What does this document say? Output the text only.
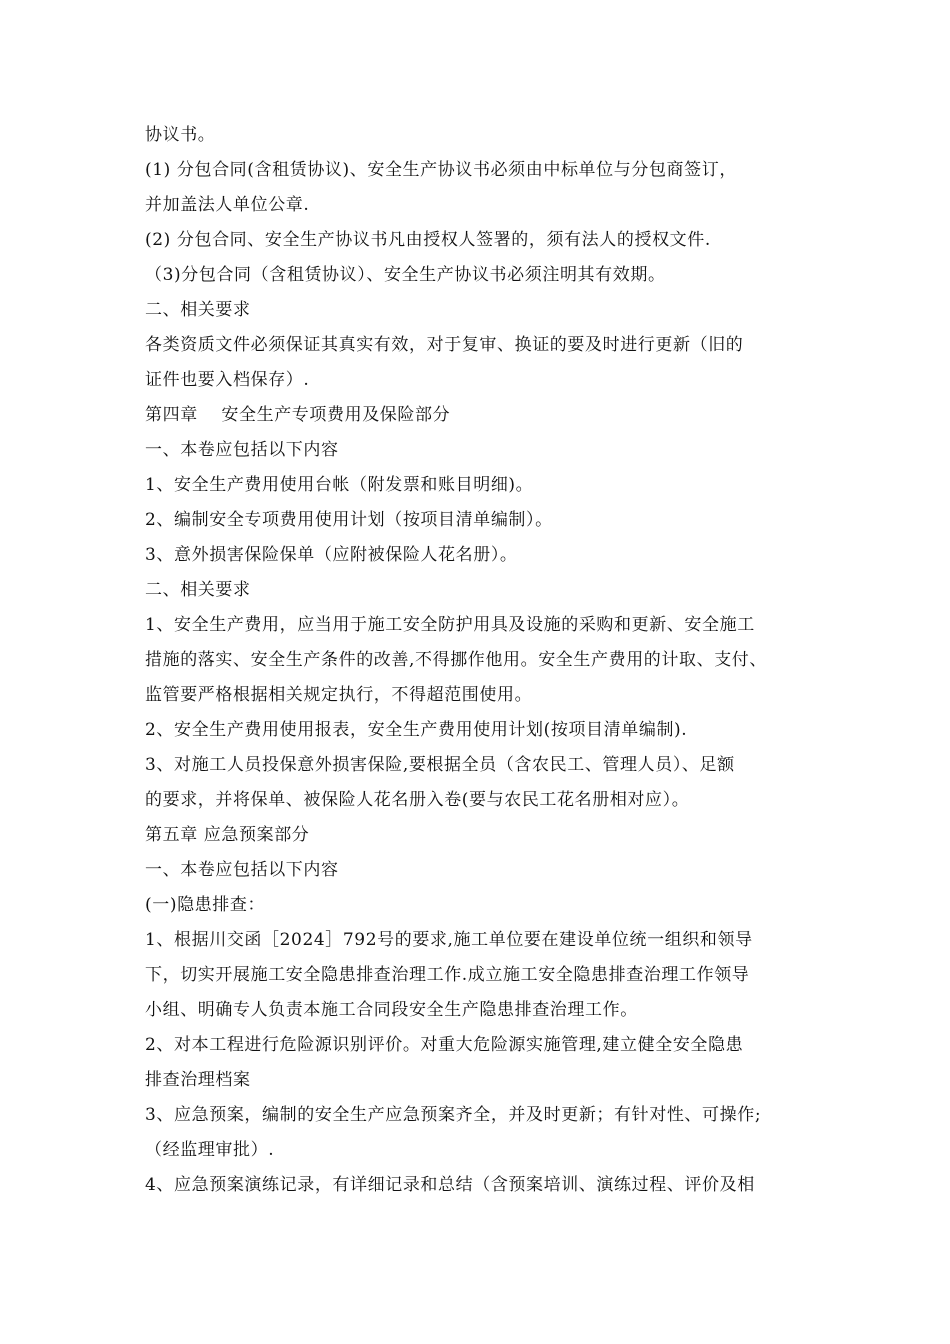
协议书。
(1) 分包合同(含租赁协议)、安全生产协议书必须由中标单位与分包商签订，
并加盖法人单位公章.
(2) 分包合同、安全生产协议书凡由授权人签署的，须有法人的授权文件.
（3)分包合同（含租赁协议）、安全生产协议书必须注明其有效期。
二、相关要求
各类资质文件必须保证其真实有效，对于复审、换证的要及时进行更新（旧的
证件也要入档保存）.
第四章　 安全生产专项费用及保险部分
一、本卷应包括以下内容
1、安全生产费用使用台帐（附发票和账目明细)。
2、编制安全专项费用使用计划（按项目清单编制）。
3、意外损害保险保单（应附被保险人花名册）。
二、相关要求
1、安全生产费用，应当用于施工安全防护用具及设施的采购和更新、安全施工
措施的落实、安全生产条件的改善,不得挪作他用。安全生产费用的计取、支付、
监管要严格根据相关规定执行，不得超范围使用。
2、安全生产费用使用报表，安全生产费用使用计划(按项目清单编制).
3、对施工人员投保意外损害保险,要根据全员（含农民工、管理人员）、足额
的要求，并将保单、被保险人花名册入卷(要与农民工花名册相对应）。
第五章 应急预案部分
一、本卷应包括以下内容
(一)隐患排查：
1、根据川交函［2024］792号的要求,施工单位要在建设单位统一组织和领导
下，切实开展施工安全隐患排查治理工作.成立施工安全隐患排查治理工作领导
小组、明确专人负责本施工合同段安全生产隐患排查治理工作。
2、对本工程进行危险源识别评价。对重大危险源实施管理,建立健全安全隐患
排查治理档案
3、应急预案，编制的安全生产应急预案齐全，并及时更新；有针对性、可操作;
（经监理审批）.
4、应急预案演练记录，有详细记录和总结（含预案培训、演练过程、评价及相
